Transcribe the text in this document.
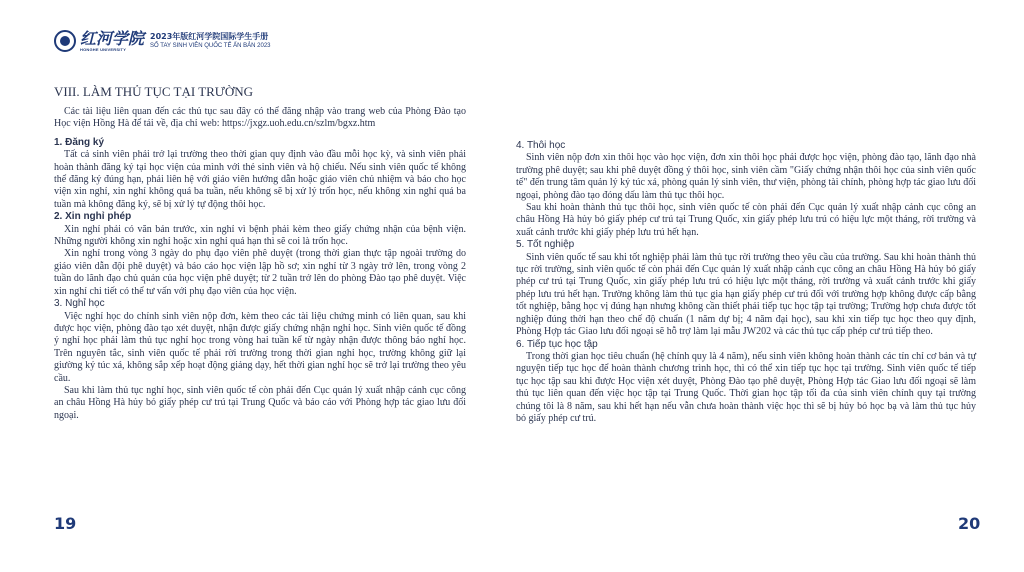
红河学院
HONGHE UNIVERSITY
2023年版红河学院国际学生手册
SỔ TAY SINH VIÊN QUỐC TẾ ẤN BẢN 2023
VIII. LÀM THỦ TỤC TẠI TRƯỜNG
Các tài liệu liên quan đến các thủ tục sau đây có thể đăng nhập vào trang web của Phòng Đào tạo Học viện Hồng Hà để tải về, địa chỉ web: https://jxgz.uoh.edu.cn/szlm/bgxz.htm
1. Đăng ký
Tất cả sinh viên phải trở lại trường theo thời gian quy định vào đầu mỗi học kỳ, và sinh viên phải hoàn thành đăng ký tại học viện của mình với thẻ sinh viên và hộ chiếu. Nếu sinh viên quốc tế không thể đăng ký đúng hạn, phải liên hệ với giáo viên hướng dẫn hoặc giáo viên chủ nhiệm và báo cho học viện xin nghỉ, xin nghỉ không quá ba tuần, nếu không sẽ bị xử lý trốn học, nếu không xin nghỉ quá ba tuần mà không đăng ký, sẽ bị xử lý tự động thôi học.
2. Xin nghỉ phép
Xin nghỉ phải có văn bản trước, xin nghỉ vì bệnh phải kèm theo giấy chứng nhận của bệnh viện. Những người không xin nghỉ hoặc xin nghỉ quá hạn thì sẽ coi là trốn học.
Xin nghỉ trong vòng 3 ngày do phụ đạo viên phê duyệt (trong thời gian thực tập ngoài trường do giáo viên dẫn đội phê duyệt) và báo cáo học viện lập hồ sơ; xin nghỉ từ 3 ngày trở lên, trong vòng 2 tuần do lãnh đạo chủ quản của học viện phê duyệt; từ 2 tuần trở lên do phòng Đào tạo phê duyệt. Việc xin nghỉ chi tiết có thể tư vấn với phụ đạo viên của học viện.
3. Nghỉ học
Việc nghỉ học do chính sinh viên nộp đơn, kèm theo các tài liệu chứng minh có liên quan, sau khi được học viện, phòng đào tạo xét duyệt, nhận được giấy chứng nhận nghỉ học. Sinh viên quốc tế đồng ý nghỉ học phải làm thủ tục nghỉ học trong vòng hai tuần kể từ ngày nhận được thông báo nghỉ học. Trên nguyên tắc, sinh viên quốc tế phải rời trường trong thời gian nghỉ học, trường không giữ lại giường ký túc xá, không sắp xếp hoạt động giảng dạy, hết thời gian nghỉ học sẽ trở lại trường theo yêu cầu.
Sau khi làm thủ tục nghỉ học, sinh viên quốc tế còn phải đến Cục quản lý xuất nhập cảnh cục công an châu Hồng Hà hủy bỏ giấy phép cư trú tại Trung Quốc và báo cáo với Phòng hợp tác giao lưu đối ngoại.
4. Thôi học
Sinh viên nộp đơn xin thôi học vào học viện, đơn xin thôi học phải được học viện, phòng đào tạo, lãnh đạo nhà trường phê duyệt; sau khi phê duyệt đồng ý thôi học, sinh viên cầm "Giấy chứng nhận thôi học của sinh viên quốc tế" đến trung tâm quản lý ký túc xá, phòng quản lý sinh viên, thư viện, phòng tài chính, phòng hợp tác giao lưu đối ngoại, phòng đào tạo đóng dấu làm thủ tục thôi học.
Sau khi hoàn thành thủ tục thôi học, sinh viên quốc tế còn phải đến Cục quản lý xuất nhập cảnh cục công an châu Hồng Hà hủy bỏ giấy phép cư trú tại Trung Quốc, xin giấy phép lưu trú có hiệu lực một tháng, rời trường và xuất cảnh trước khi giấy phép lưu trú hết hạn.
5. Tốt nghiệp
Sinh viên quốc tế sau khi tốt nghiệp phải làm thủ tục rời trường theo yêu cầu của trường. Sau khi hoàn thành thủ tục rời trường, sinh viên quốc tế còn phải đến Cục quản lý xuất nhập cảnh cục công an châu Hồng Hà hủy bỏ giấy phép cư trú tại Trung Quốc, xin giấy phép lưu trú có hiệu lực một tháng, rời trường và xuất cảnh trước khi giấy phép lưu trú hết hạn. Trường không làm thủ tục gia hạn giấy phép cư trú đối với trường hợp không được cấp bằng tốt nghiệp, bằng học vị đúng hạn nhưng không cần thiết phải tiếp tục học tập tại trường; Trường hợp chưa được tốt nghiệp đúng thời hạn theo chế độ chuẩn (1 năm dự bị; 4 năm đại học), sau khi xin tiếp tục học theo quy định, Phòng Hợp tác Giao lưu đối ngoại sẽ hỗ trợ làm lại mẫu JW202 và các thủ tục cấp phép cư trú tiếp theo.
6. Tiếp tục học tập
Trong thời gian học tiêu chuẩn (hệ chính quy là 4 năm), nếu sinh viên không hoàn thành các tín chỉ cơ bản và tự nguyện tiếp tục học để hoàn thành chương trình học, thì có thể xin tiếp tục học tại trường. Sinh viên quốc tế tiếp tục học tập sau khi được Học viện xét duyệt, Phòng Đào tạo phê duyệt, Phòng Hợp tác Giao lưu đối ngoại sẽ làm thủ tục liên quan đến việc học tập tại Trung Quốc. Thời gian học tập tối đa của sinh viên chính quy tại trường chúng tôi là 8 năm, sau khi hết hạn nếu vẫn chưa hoàn thành việc học thì sẽ bị hủy bỏ học bạ và làm thủ tục hủy bỏ giấy phép cư trú.
19	20
